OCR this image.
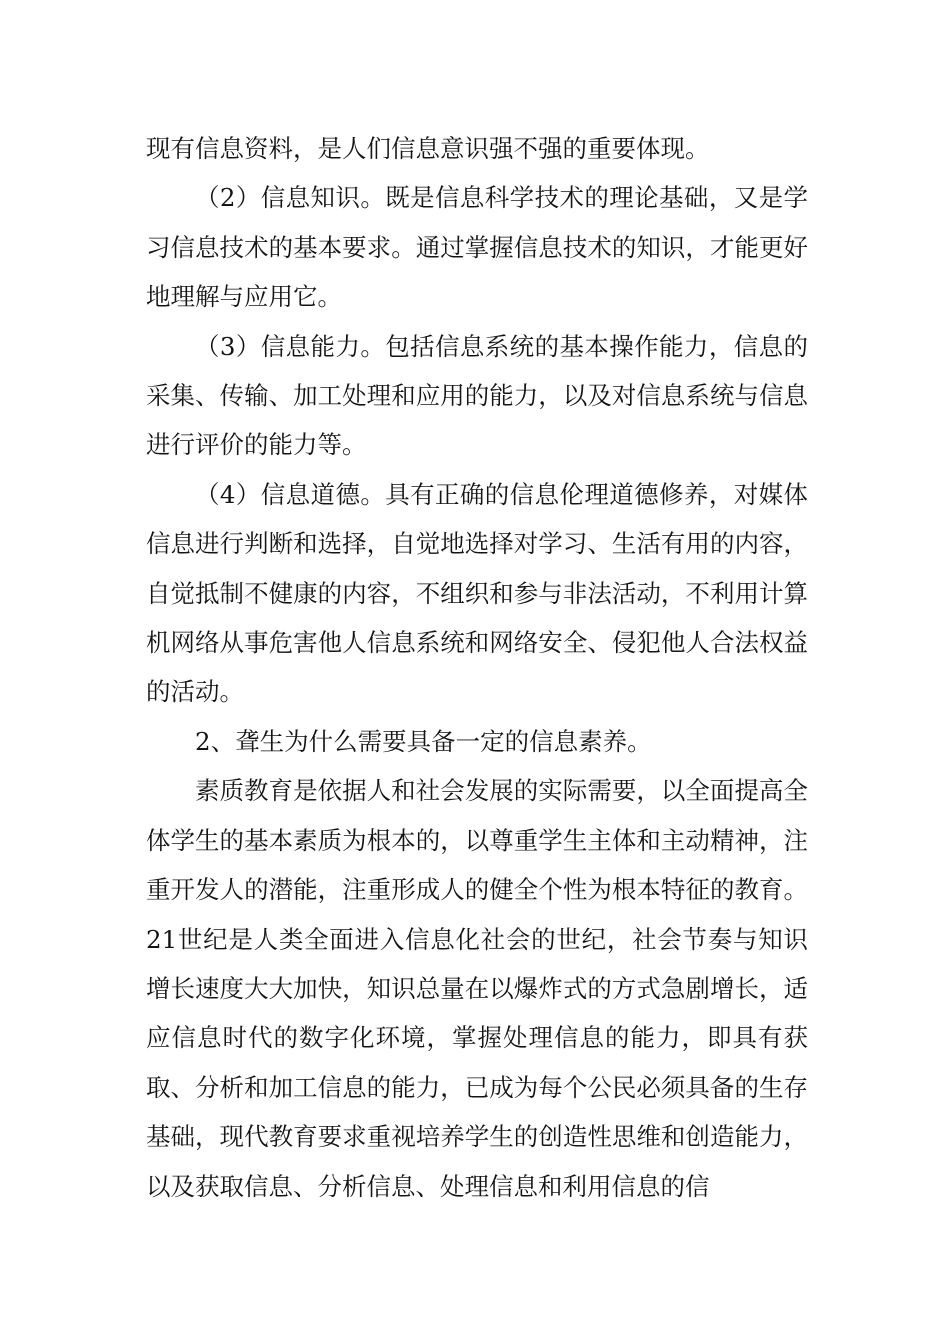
现有信息资料，是人们信息意识强不强的重要体现。

（2）信息知识。既是信息科学技术的理论基础，又是学习信息技术的基本要求。通过掌握信息技术的知识，才能更好地理解与应用它。

（3）信息能力。包括信息系统的基本操作能力，信息的采集、传输、加工处理和应用的能力，以及对信息系统与信息进行评价的能力等。

（4）信息道德。具有正确的信息伦理道德修养，对媒体信息进行判断和选择，自觉地选择对学习、生活有用的内容，自觉抵制不健康的内容，不组织和参与非法活动，不利用计算机网络从事危害他人信息系统和网络安全、侵犯他人合法权益的活动。

2、聋生为什么需要具备一定的信息素养。

素质教育是依据人和社会发展的实际需要，以全面提高全体学生的基本素质为根本的，以尊重学生主体和主动精神，注重开发人的潜能，注重形成人的健全个性为根本特征的教育。21世纪是人类全面进入信息化社会的世纪，社会节奏与知识增长速度大大加快，知识总量在以爆炸式的方式急剧增长，适应信息时代的数字化环境，掌握处理信息的能力，即具有获取、分析和加工信息的能力，已成为每个公民必须具备的生存基础，现代教育要求重视培养学生的创造性思维和创造能力，以及获取信息、分析信息、处理信息和利用信息的信
